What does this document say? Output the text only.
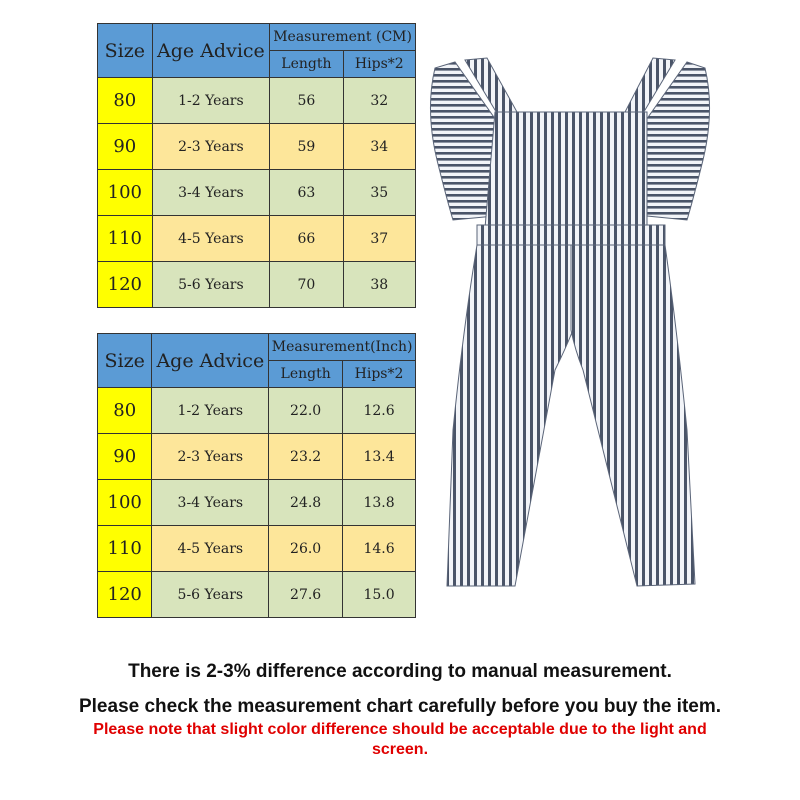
Size	Age Advice	Measurement (CM)	
		Length	Hips*2
80	1-2 Years	56	32
90	2-3 Years	59	34
100	3-4 Years	63	35
110	4-5 Years	66	37
120	5-6 Years	70	38
Size	Age Advice	Measurement(Inch)	
		Length	Hips*2
80	1-2 Years	22.0	12.6
90	2-3 Years	23.2	13.4
100	3-4 Years	24.8	13.8
110	4-5 Years	26.0	14.6
120	5-6 Years	27.6	15.0

There is 2-3% difference according to manual measurement.

Please check the measurement chart carefully before you buy the item.

Please note that slight color difference should be acceptable due to the light and screen.
